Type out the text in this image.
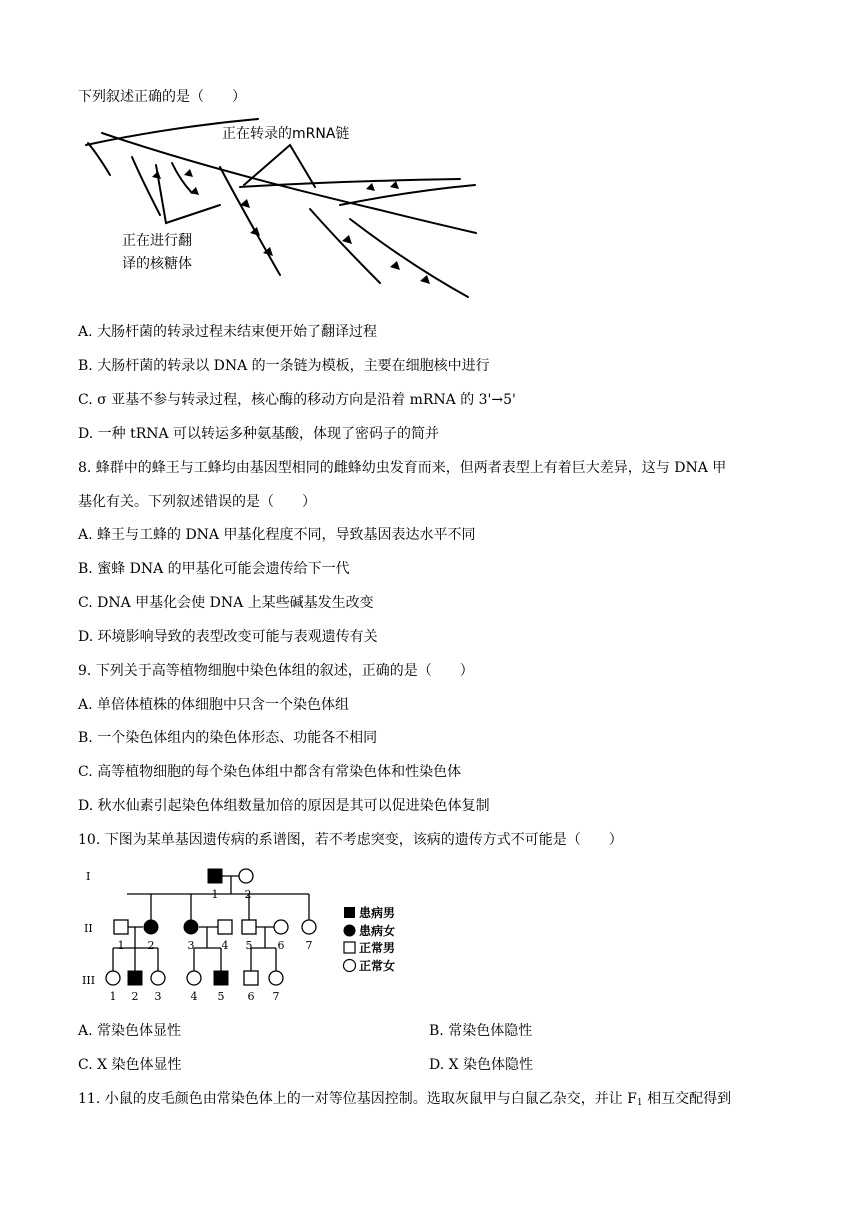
下列叙述正确的是（　　）
正在转录的mRNA链
正在进行翻
译的核糖体
A. 大肠杆菌的转录过程未结束便开始了翻译过程
B. 大肠杆菌的转录以 DNA 的一条链为模板，主要在细胞核中进行
C. σ 亚基不参与转录过程，核心酶的移动方向是沿着 mRNA 的 3'→5'
D. 一种 tRNA 可以转运多种氨基酸，体现了密码子的简并
8. 蜂群中的蜂王与工蜂均由基因型相同的雌蜂幼虫发育而来，但两者表型上有着巨大差异，这与 DNA 甲
基化有关。下列叙述错误的是（　　）
A. 蜂王与工蜂的 DNA 甲基化程度不同，导致基因表达水平不同
B. 蜜蜂 DNA 的甲基化可能会遗传给下一代
C. DNA 甲基化会使 DNA 上某些碱基发生改变
D. 环境影响导致的表型改变可能与表观遗传有关
9. 下列关于高等植物细胞中染色体组的叙述，正确的是（　　）
A. 单倍体植株的体细胞中只含一个染色体组
B. 一个染色体组内的染色体形态、功能各不相同
C. 高等植物细胞的每个染色体组中都含有常染色体和性染色体
D. 秋水仙素引起染色体组数量加倍的原因是其可以促进染色体复制
10. 下图为某单基因遗传病的系谱图，若不考虑突变，该病的遗传方式不可能是（　　）
I
II
III
1 2
1 2	3 4 5 6 7
1 2 3	4 5 6 7
患病男
患病女
正常男
正常女
A. 常染色体显性	B. 常染色体隐性
C. X 染色体显性	D. X 染色体隐性
11. 小鼠的皮毛颜色由常染色体上的一对等位基因控制。选取灰鼠甲与白鼠乙杂交，并让 $F_1$ 相互交配得到
